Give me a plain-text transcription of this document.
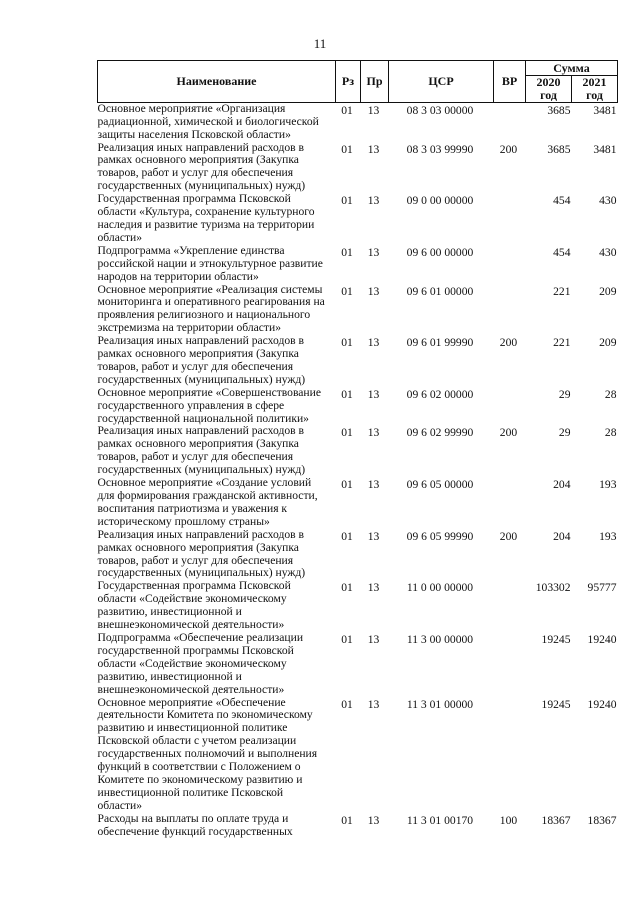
11
Наименование	Рз	Пр	ЦСР	ВР	Сумма	
					2020 год	2021 год
Основное мероприятие «Организация радиационной, химической и биологической защиты населения Псковской области»	01	13	08 3 03 00000		3685	3481
Реализация иных направлений расходов в рамках основного мероприятия (Закупка товаров, работ и услуг для обеспечения государственных (муниципальных) нужд)	01	13	08 3 03 99990	200	3685	3481
Государственная программа Псковской области «Культура, сохранение культурного наследия и развитие туризма на территории области»	01	13	09 0 00 00000		454	430
Подпрограмма «Укрепление единства российской нации и этнокультурное развитие народов на территории области»	01	13	09 6 00 00000		454	430
Основное мероприятие «Реализация системы мониторинга и оперативного реагирования на проявления религиозного и национального экстремизма на территории области»	01	13	09 6 01 00000		221	209
Реализация иных направлений расходов в рамках основного мероприятия (Закупка товаров, работ и услуг для обеспечения государственных (муниципальных) нужд)	01	13	09 6 01 99990	200	221	209
Основное мероприятие «Совершенствование государственного управления в сфере государственной национальной политики»	01	13	09 6 02 00000		29	28
Реализация иных направлений расходов в рамках основного мероприятия (Закупка товаров, работ и услуг для обеспечения государственных (муниципальных) нужд)	01	13	09 6 02 99990	200	29	28
Основное мероприятие «Создание условий для формирования гражданской активности, воспитания патриотизма и уважения к историческому прошлому страны»	01	13	09 6 05 00000		204	193
Реализация иных направлений расходов в рамках основного мероприятия (Закупка товаров, работ и услуг для обеспечения государственных (муниципальных) нужд)	01	13	09 6 05 99990	200	204	193
Государственная программа Псковской области «Содействие экономическому развитию, инвестиционной и внешнеэкономической деятельности»	01	13	11 0 00 00000		103302	95777
Подпрограмма «Обеспечение реализации государственной программы Псковской области «Содействие экономическому развитию, инвестиционной и внешнеэкономической деятельности»	01	13	11 3 00 00000		19245	19240
Основное мероприятие «Обеспечение деятельности Комитета по экономическому развитию и инвестиционной политике Псковской области с учетом реализации государственных полномочий и выполнения функций в соответствии с Положением о Комитете по экономическому развитию и инвестиционной политике Псковской области»	01	13	11 3 01 00000		19245	19240
Расходы на выплаты по оплате труда и обеспечение функций государственных	01	13	11 3 01 00170	100	18367	18367
